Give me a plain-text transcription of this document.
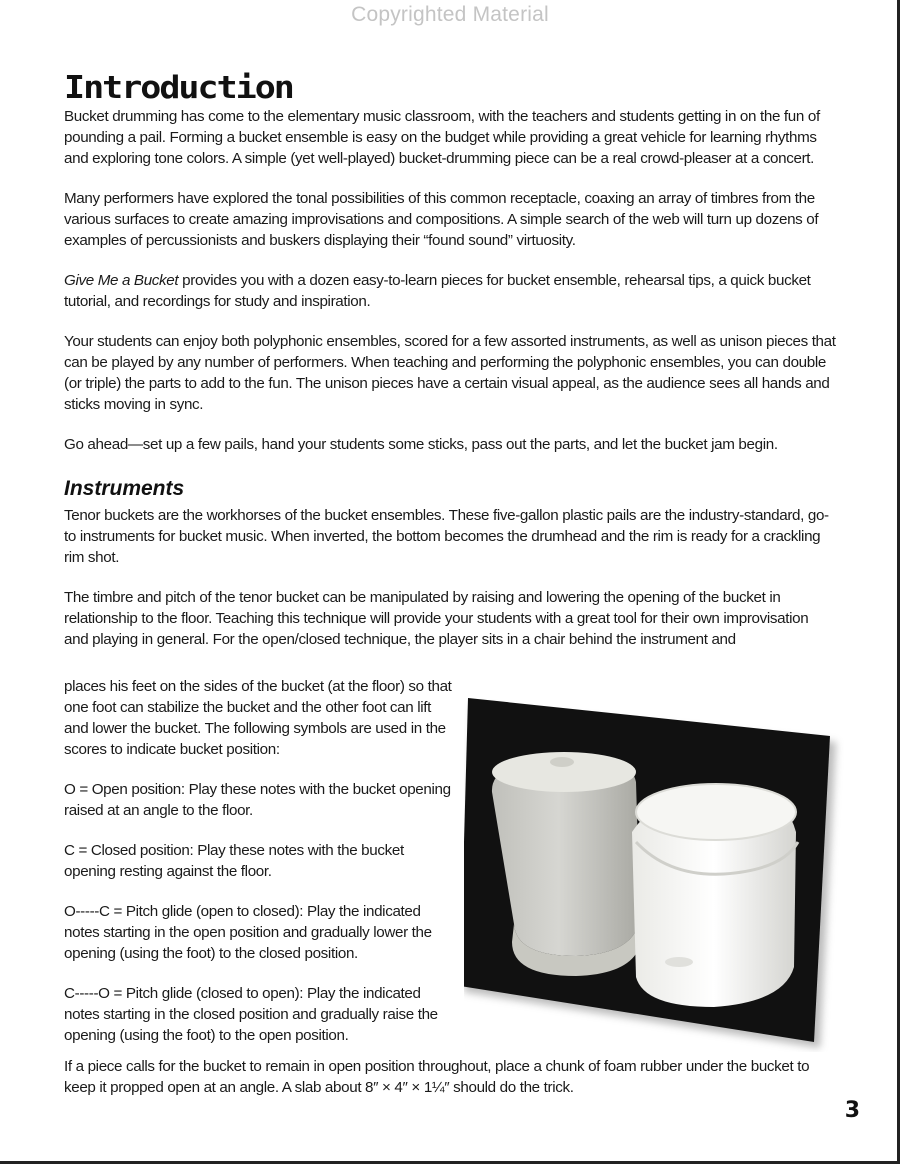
Copyrighted Material
Introduction

Bucket drumming has come to the elementary music classroom, with the teachers and students getting in on the fun of pounding a pail. Forming a bucket ensemble is easy on the budget while providing a great vehicle for learning rhythms and exploring tone colors. A simple (yet well-played) bucket-drumming piece can be a real crowd-pleaser at a concert.

Many performers have explored the tonal possibilities of this common receptacle, coaxing an array of timbres from the various surfaces to create amazing improvisations and compositions. A simple search of the web will turn up dozens of examples of percussionists and buskers displaying their “found sound” virtuosity.

Give Me a Bucket provides you with a dozen easy-to-learn pieces for bucket ensemble, rehearsal tips, a quick bucket tutorial, and recordings for study and inspiration.

Your students can enjoy both polyphonic ensembles, scored for a few assorted instruments, as well as unison pieces that can be played by any number of performers. When teaching and performing the polyphonic ensembles, you can double (or triple) the parts to add to the fun. The unison pieces have a certain visual appeal, as the audience sees all hands and sticks moving in sync.

Go ahead—set up a few pails, hand your students some sticks, pass out the parts, and let the bucket jam begin.

Instruments

Tenor buckets are the workhorses of the bucket ensembles. These five-gallon plastic pails are the industry-standard, go-to instruments for bucket music. When inverted, the bottom becomes the drumhead and the rim is ready for a crackling rim shot.

The timbre and pitch of the tenor bucket can be manipulated by raising and lowering the opening of the bucket in relationship to the floor. Teaching this technique will provide your students with a great tool for their own improvisation and playing in general. For the open/closed technique, the player sits in a chair behind the instrument and

places his feet on the sides of the bucket (at the floor) so that one foot can stabilize the bucket and the other foot can lift and lower the bucket. The following symbols are used in the scores to indicate bucket position:

O = Open position: Play these notes with the bucket opening raised at an angle to the floor.

C = Closed position: Play these notes with the bucket opening resting against the floor.

O-----C = Pitch glide (open to closed): Play the indicated notes starting in the open position and gradually lower the opening (using the foot) to the closed position.

C-----O = Pitch glide (closed to open): Play the indicated notes starting in the closed position and gradually raise the opening (using the foot) to the open position.

If a piece calls for the bucket to remain in open position throughout, place a chunk of foam rubber under the bucket to keep it propped open at an angle. A slab about 8″ × 4″ × 1¼″ should do the trick.

3
